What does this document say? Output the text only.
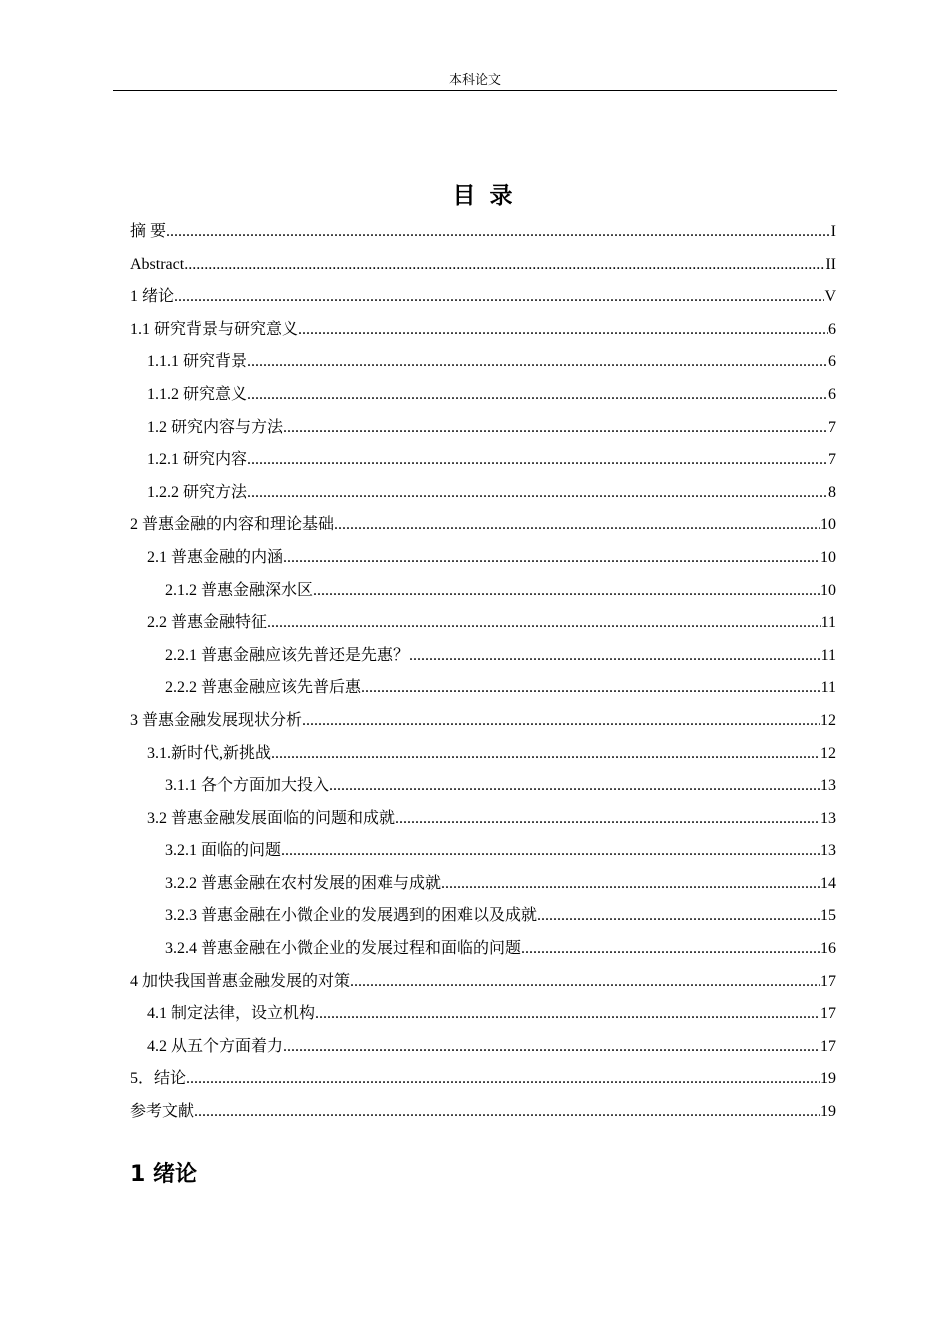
本科论文
目 录
摘 要 .....	I
Abstract .....	II
1 绪论 .....	V
1.1 研究背景与研究意义 .....	6
1.1.1 研究背景 .....	6
1.1.2 研究意义 .....	6
1.2 研究内容与方法 .....	7
1.2.1 研究内容 .....	7
1.2.2 研究方法 .....	8
2 普惠金融的内容和理论基础 .....	10
2.1 普惠金融的内涵 .....	10
2.1.2 普惠金融深水区 .....	10
2.2 普惠金融特征 .....	11
2.2.1 普惠金融应该先普还是先惠？ .....	11
2.2.2 普惠金融应该先普后惠 .....	11
3 普惠金融发展现状分析 .....	12
3.1.新时代,新挑战 .....	12
3.1.1 各个方面加大投入 .....	13
3.2 普惠金融发展面临的问题和成就 .....	13
3.2.1 面临的问题 .....	13
3.2.2 普惠金融在农村发展的困难与成就 .....	14
3.2.3 普惠金融在小微企业的发展遇到的困难以及成就 .....	15
3.2.4 普惠金融在小微企业的发展过程和面临的问题 .....	16
4 加快我国普惠金融发展的对策 .....	17
4.1 制定法律，设立机构 .....	17
4.2 从五个方面着力 .....	17
5．结论 .....	19
参考文献 .....	19
1 绪论
